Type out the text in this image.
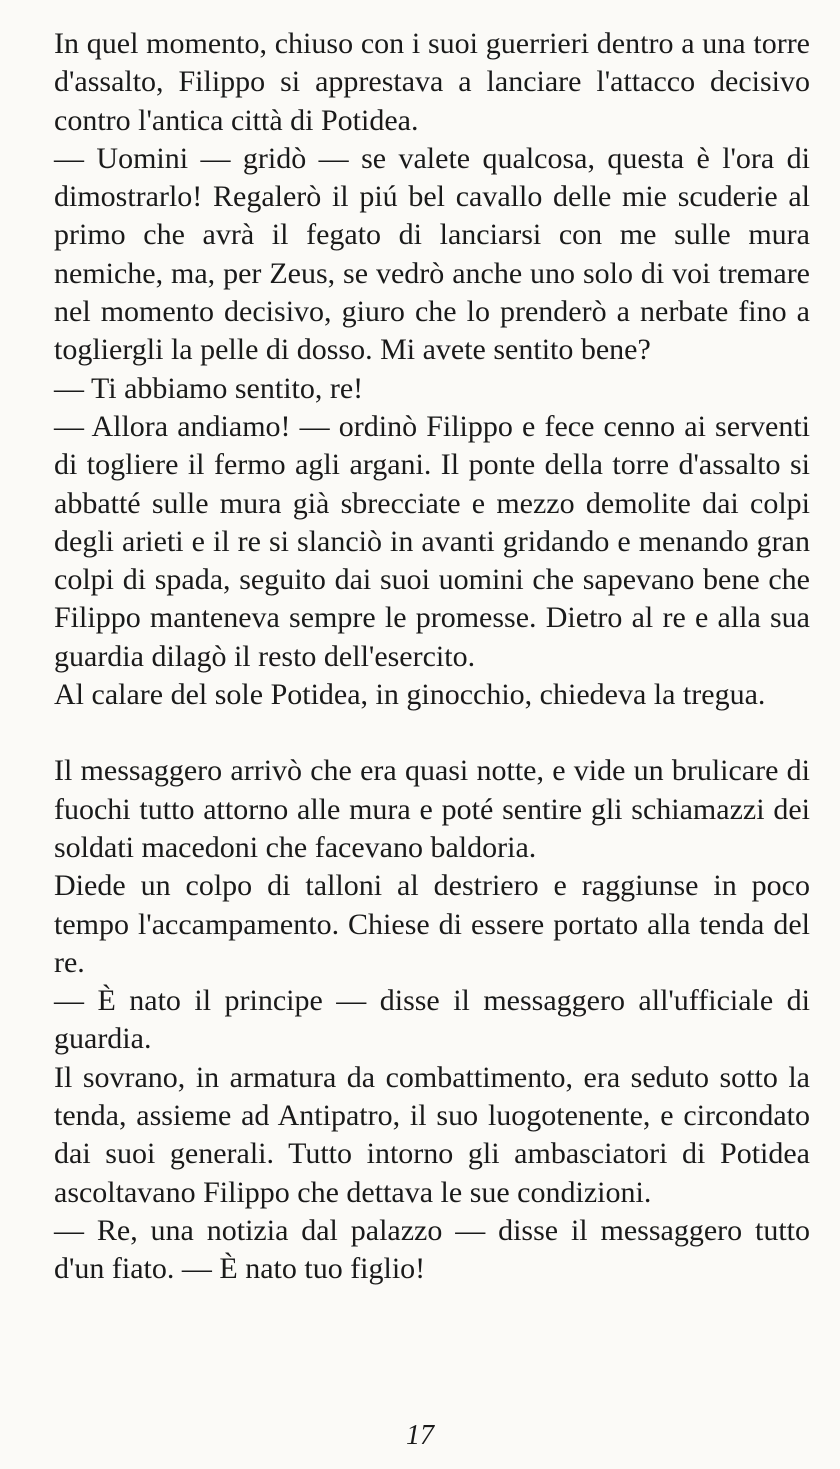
In quel momento, chiuso con i suoi guerrieri dentro a una torre d'assalto, Filippo si apprestava a lanciare l'attacco decisivo contro l'antica città di Potidea.

— Uomini — gridò — se valete qualcosa, questa è l'ora di dimostrarlo! Regalerò il piú bel cavallo delle mie scuderie al primo che avrà il fegato di lanciarsi con me sulle mura nemiche, ma, per Zeus, se vedrò anche uno solo di voi tremare nel momento decisivo, giuro che lo prenderò a nerbate fino a togliergli la pelle di dosso. Mi avete sentito bene?

— Ti abbiamo sentito, re!

— Allora andiamo! — ordinò Filippo e fece cenno ai serventi di togliere il fermo agli argani. Il ponte della torre d'assalto si abbatté sulle mura già sbrecciate e mezzo demolite dai colpi degli arieti e il re si slanciò in avanti gridando e menando gran colpi di spada, seguito dai suoi uomini che sapevano bene che Filippo manteneva sempre le promesse. Dietro al re e alla sua guardia dilagò il resto dell'esercito.

Al calare del sole Potidea, in ginocchio, chiedeva la tregua.

Il messaggero arrivò che era quasi notte, e vide un brulicare di fuochi tutto attorno alle mura e poté sentire gli schiamazzi dei soldati macedoni che facevano baldoria.

Diede un colpo di talloni al destriero e raggiunse in poco tempo l'accampamento. Chiese di essere portato alla tenda del re.

— È nato il principe — disse il messaggero all'ufficiale di guardia.

Il sovrano, in armatura da combattimento, era seduto sotto la tenda, assieme ad Antipatro, il suo luogotenente, e circondato dai suoi generali. Tutto intorno gli ambasciatori di Potidea ascoltavano Filippo che dettava le sue condizioni.

— Re, una notizia dal palazzo — disse il messaggero tutto d'un fiato. — È nato tuo figlio!

17
